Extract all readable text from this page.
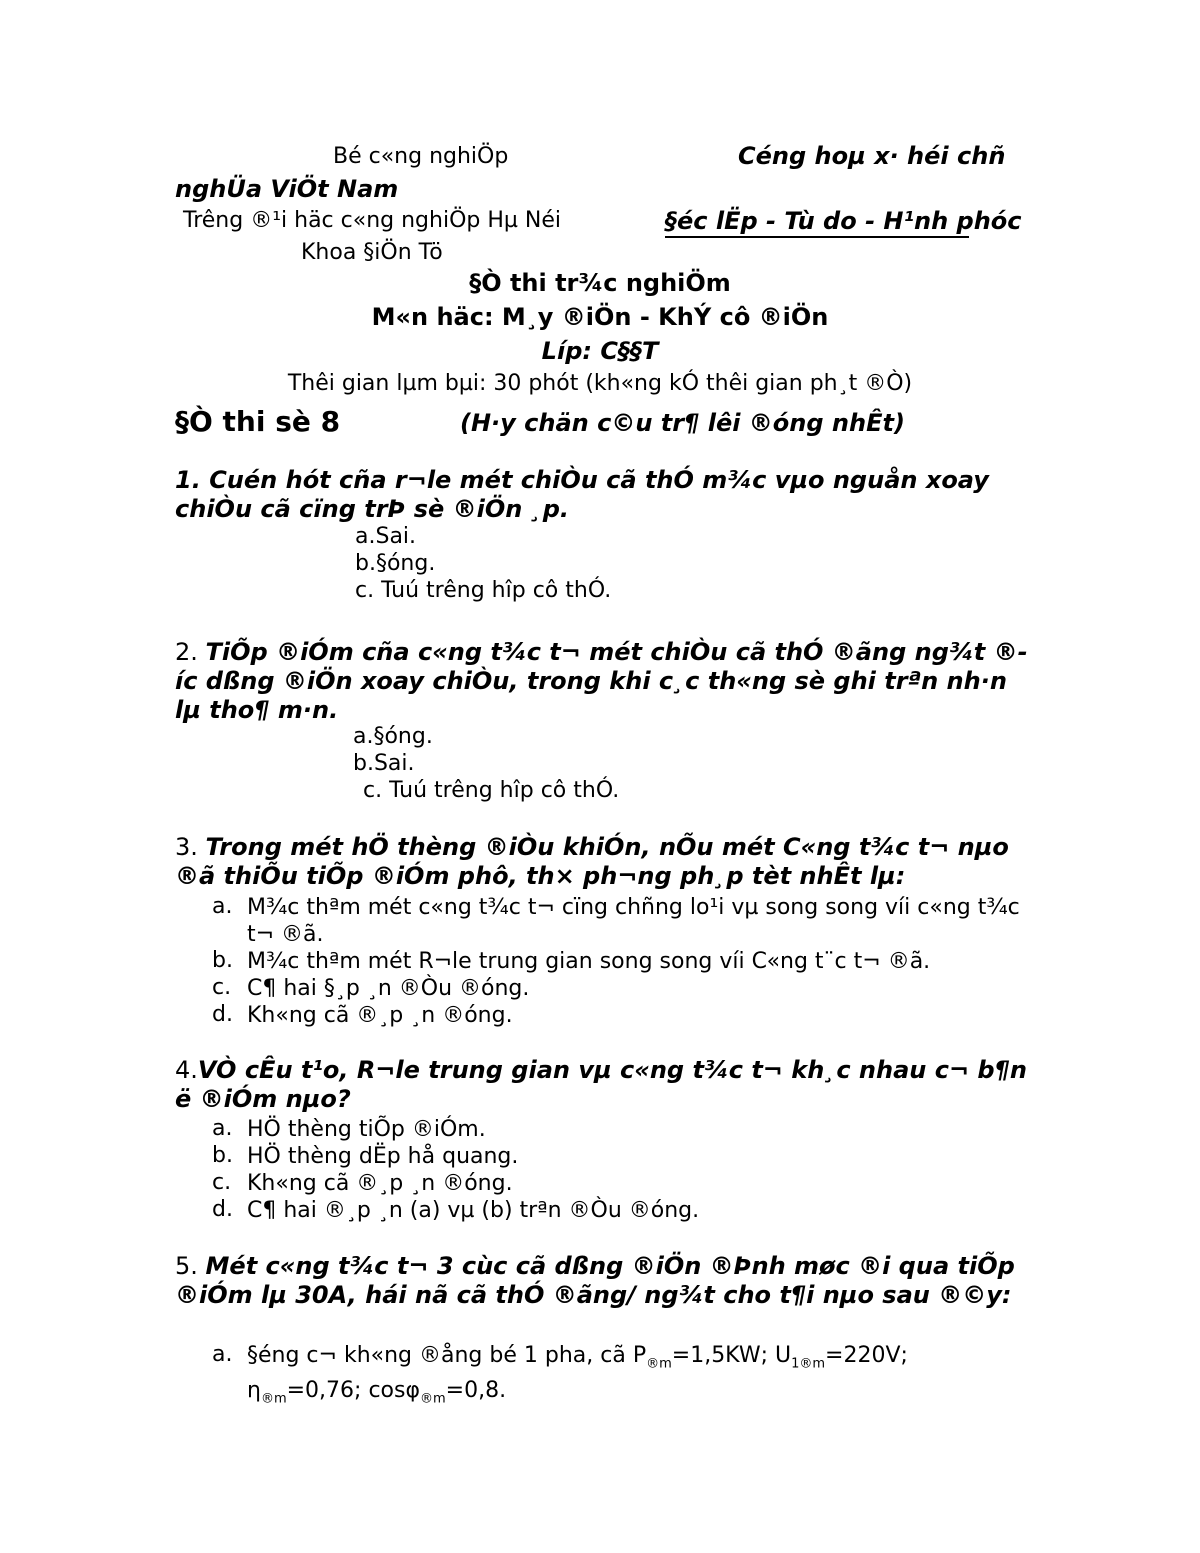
Bé c«ng nghiÖp	Céng hoµ x· héi chñ
nghÜa ViÖt Nam
Trêng ®¹i häc c«ng nghiÖp Hµ Néi	§éc lËp - Tù do - H¹nh phóc
Khoa §iÖn Tö
§Ò thi tr¾c nghiÖm
M«n häc: M¸y ®iÖn - KhÝ cô ®iÖn
Líp: C§§T
Thêi gian lµm bµi: 30 phót (kh«ng kÓ thêi gian ph¸t ®Ò)
§Ò thi sè 8	(H·y chän c©u tr¶ lêi ®óng nhÊt)
1. Cuén hót cña r¬le mét chiÒu cã thÓ m¾c vµo nguån xoay chiÒu cã cïng trÞ sè ®iÖn ¸p.
a.Sai.
b.§óng.
c. Tuú trêng hîp cô thÓ.
2. TiÕp ®iÓm cña c«ng t¾c t¬ mét chiÒu cã thÓ ®ãng ng¾t ®íc dßng ®iÖn xoay chiÒu, trong khi c¸c th«ng sè ghi trªn nh·n lµ tho¶ m·n.
a.§óng.
b.Sai.
c. Tuú trêng hîp cô thÓ.
3. Trong mét hÖ thèng ®iÒu khiÓn, nÕu mét C«ng t¾c t¬ nµo ®ã thiÕu tiÕp ®iÓm phô, th× ph¬ng ph¸p tèt nhÊt lµ:
a. M¾c thªm mét c«ng t¾c t¬ cïng chñng lo¹i vµ song song víi c«ng t¾c t¬ ®ã.
b. M¾c thªm mét R¬le trung gian song song víi C«ng t¨c t¬ ®ã.
c. C¶ hai §¸p ¸n ®Òu ®óng.
d. Kh«ng cã ®¸p ¸n ®óng.
4.VÒ cÊu t¹o, R¬le trung gian vµ c«ng t¾c t¬ kh¸c nhau c¬ b¶n ë ®iÓm nµo?
a. HÖ thèng tiÕp ®iÓm.
b. HÖ thèng dËp hå quang.
c. Kh«ng cã ®¸p ¸n ®óng.
d. C¶ hai ®¸p ¸n (a) vµ (b) trªn ®Òu ®óng.
5. Mét c«ng t¾c t¬ 3 cùc cã dßng ®iÖn ®Þnh møc ®i qua tiÕp ®iÓm lµ 30A, hái nã cã thÓ ®ãng/ ng¾t cho t¶i nµo sau ®©y:
a. §éng c¬ kh«ng ®ång bé 1 pha, cã $P_{®m}=1,5KW$; $U_{1®m}=220V$;
$\eta_{®m}=0,76$; cosφ$_{®m}$=0,8.
